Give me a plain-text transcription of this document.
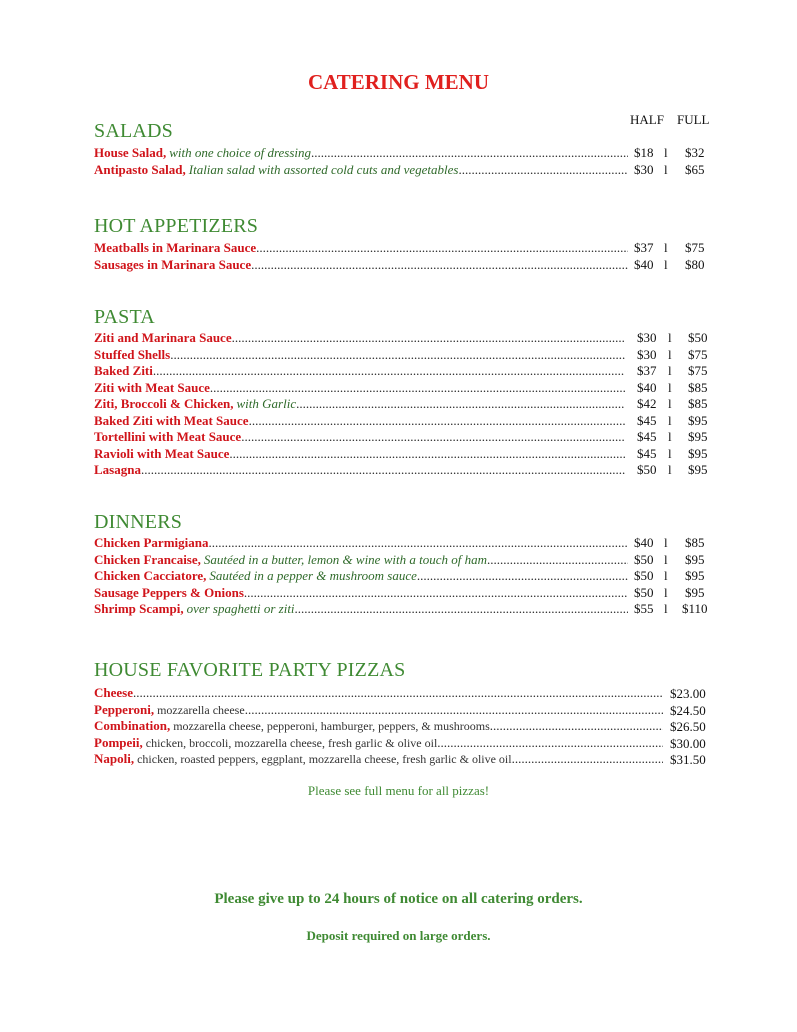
CATERING MENU
HALF FULL
SALADS
House Salad, with one choice of dressing .....	$18 l $32
Antipasto Salad, Italian salad with assorted cold cuts and vegetables .....	$30 l $65
HOT APPETIZERS
Meatballs in Marinara Sauce .....	$37 l $75
Sausages in Marinara Sauce .....	$40 l $80
PASTA
Ziti and Marinara Sauce .....	$30 l $50
Stuffed Shells .....	$30 l $75
Baked Ziti .....	$37 l $75
Ziti with Meat Sauce .....	$40 l $85
Ziti, Broccoli & Chicken, with Garlic .....	$42 l $85
Baked Ziti with Meat Sauce .....	$45 l $95
Tortellini with Meat Sauce .....	$45 l $95
Ravioli with Meat Sauce .....	$45 l $95
Lasagna .....	$50 l $95
DINNERS
Chicken Parmigiana .....	$40 l $85
Chicken Francaise, Sautéed in a butter, lemon & wine with a touch of ham .....	$50 l $95
Chicken Cacciatore, Sautéed in a pepper & mushroom sauce .....	$50 l $95
Sausage Peppers & Onions .....	$50 l $95
Shrimp Scampi, over spaghetti or ziti .....	$55 l $110
HOUSE FAVORITE PARTY PIZZAS
Cheese .....	$23.00
Pepperoni, mozzarella cheese .....	$24.50
Combination, mozzarella cheese, pepperoni, hamburger, peppers, & mushrooms .....	$26.50
Pompeii, chicken, broccoli, mozzarella cheese, fresh garlic & olive oil .....	$30.00
Napoli, chicken, roasted peppers, eggplant, mozzarella cheese, fresh garlic & olive oil .....	$31.50
Please see full menu for all pizzas!
Please give up to 24 hours of notice on all catering orders.
Deposit required on large orders.
